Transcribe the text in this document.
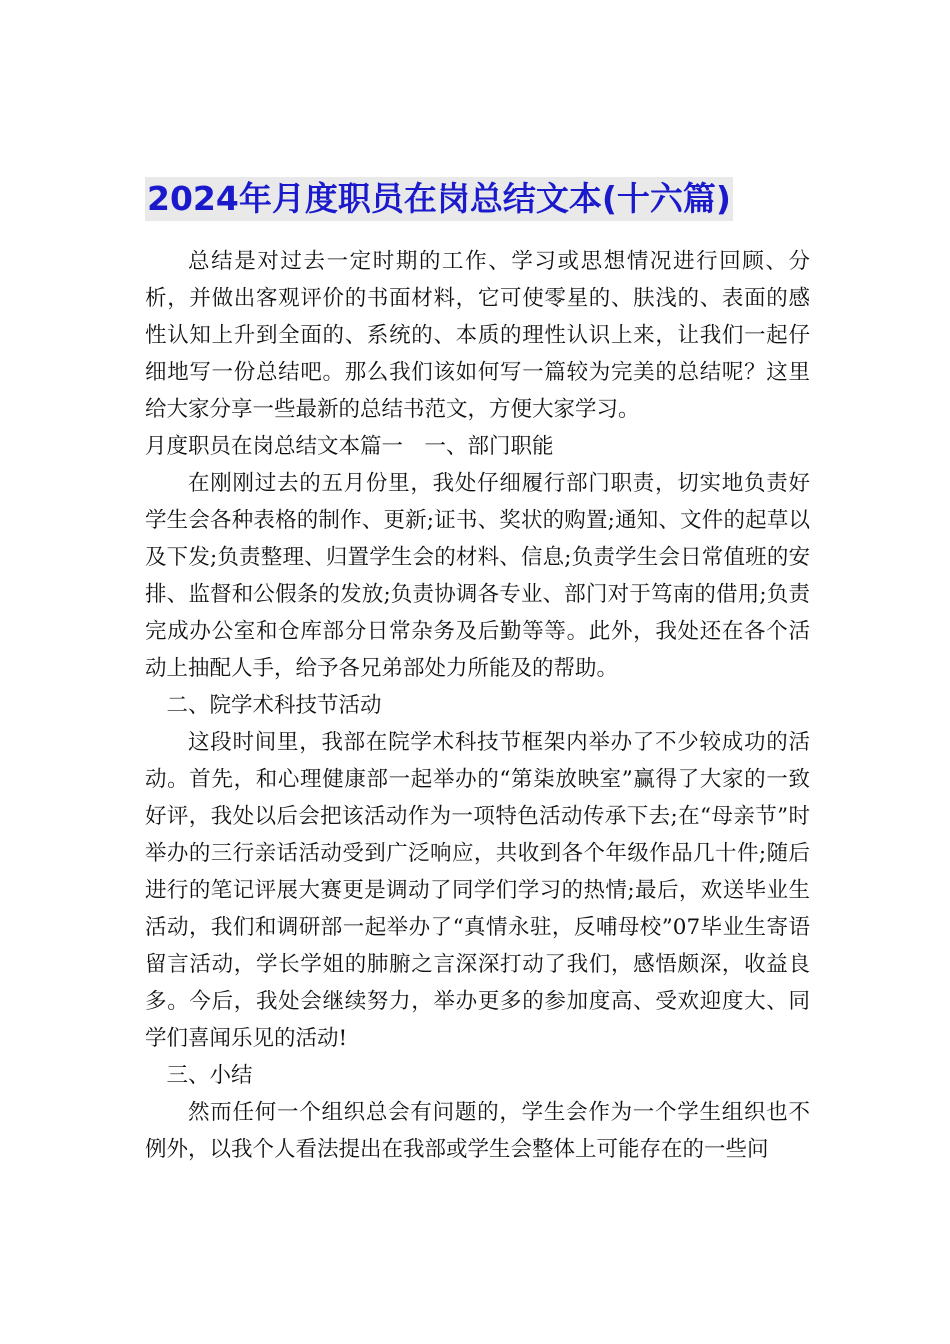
2024年月度职员在岗总结文本(十六篇)

总结是对过去一定时期的工作、学习或思想情况进行回顾、分析，并做出客观评价的书面材料，它可使零星的、肤浅的、表面的感性认知上升到全面的、系统的、本质的理性认识上来，让我们一起仔细地写一份总结吧。那么我们该如何写一篇较为完美的总结呢？这里给大家分享一些最新的总结书范文，方便大家学习。

月度职员在岗总结文本篇一　一、部门职能

在刚刚过去的五月份里，我处仔细履行部门职责，切实地负责好学生会各种表格的制作、更新;证书、奖状的购置;通知、文件的起草以及下发;负责整理、归置学生会的材料、信息;负责学生会日常值班的安排、监督和公假条的发放;负责协调各专业、部门对于笃南的借用;负责完成办公室和仓库部分日常杂务及后勤等等。此外，我处还在各个活动上抽配人手，给予各兄弟部处力所能及的帮助。

二、院学术科技节活动

这段时间里，我部在院学术科技节框架内举办了不少较成功的活动。首先，和心理健康部一起举办的“第柒放映室”赢得了大家的一致好评，我处以后会把该活动作为一项特色活动传承下去;在“母亲节”时举办的三行亲话活动受到广泛响应，共收到各个年级作品几十件;随后进行的笔记评展大赛更是调动了同学们学习的热情;最后，欢送毕业生活动，我们和调研部一起举办了“真情永驻，反哺母校”07毕业生寄语留言活动，学长学姐的肺腑之言深深打动了我们，感悟颇深，收益良多。今后，我处会继续努力，举办更多的参加度高、受欢迎度大、同学们喜闻乐见的活动!

三、小结

然而任何一个组织总会有问题的，学生会作为一个学生组织也不例外，以我个人看法提出在我部或学生会整体上可能存在的一些问
